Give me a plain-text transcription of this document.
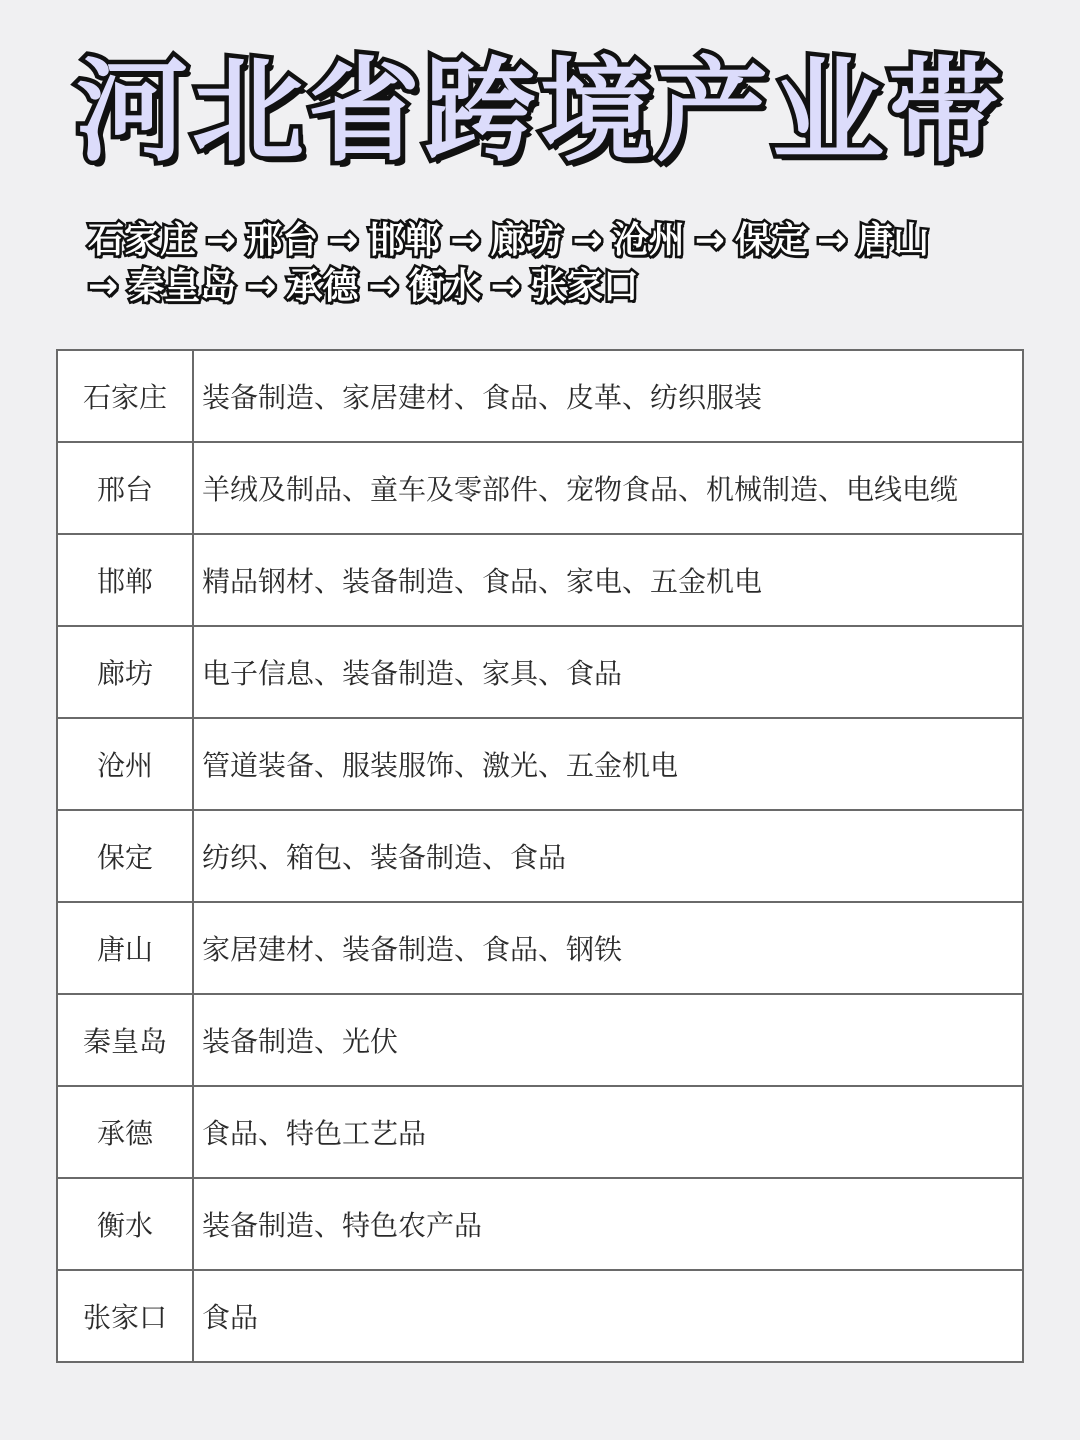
河北省跨境产业带
石家庄 → 邢台 → 邯郸 → 廊坊 → 沧州 → 保定 → 唐山
→ 秦皇岛 → 承德 → 衡水 → 张家口
石家庄	装备制造、家居建材、食品、皮革、纺织服装
邢台	羊绒及制品、童车及零部件、宠物食品、机械制造、电线电缆
邯郸	精品钢材、装备制造、食品、家电、五金机电
廊坊	电子信息、装备制造、家具、食品
沧州	管道装备、服装服饰、激光、五金机电
保定	纺织、箱包、装备制造、食品
唐山	家居建材、装备制造、食品、钢铁
秦皇岛	装备制造、光伏
承德	食品、特色工艺品
衡水	装备制造、特色农产品
张家口	食品
